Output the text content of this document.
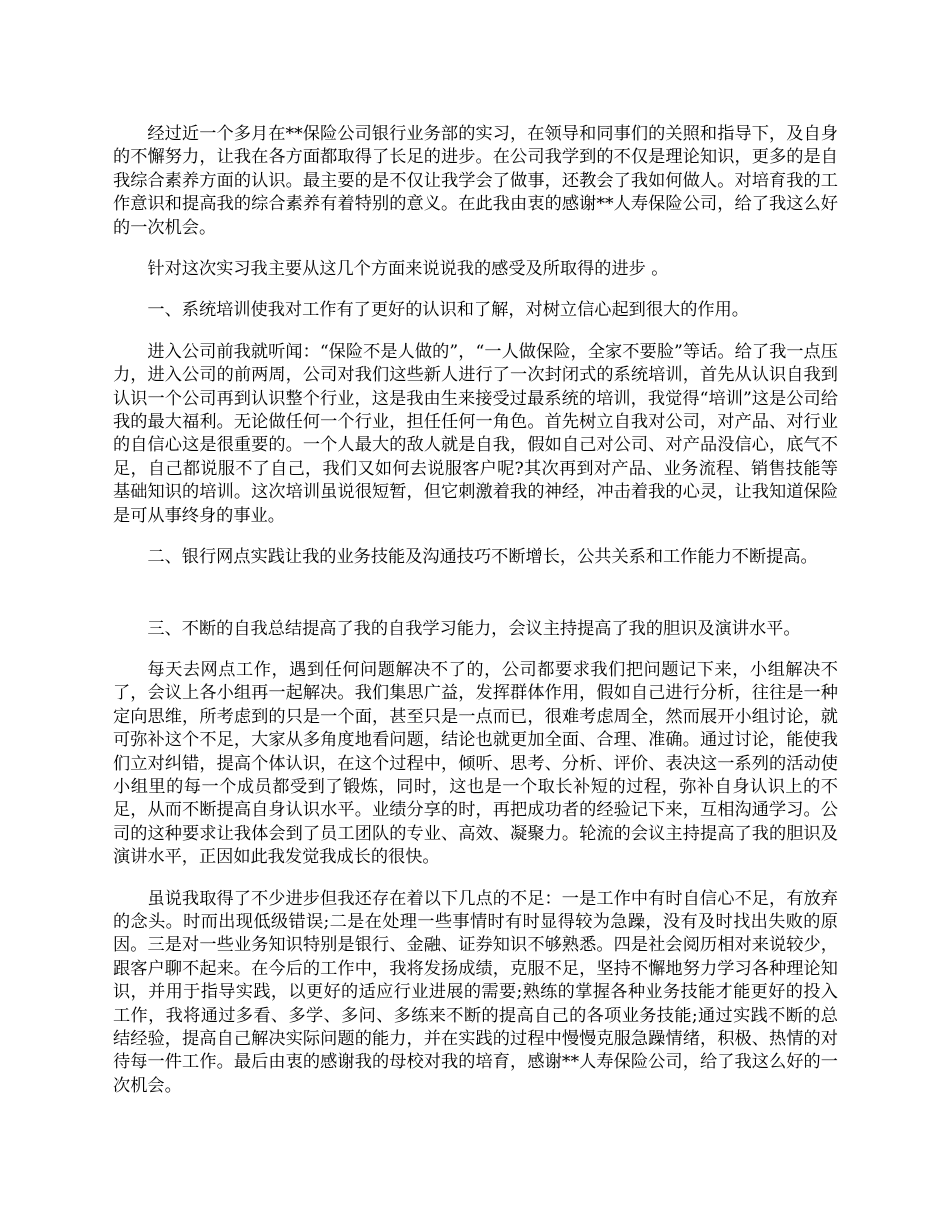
经过近一个多月在**保险公司银行业务部的实习，在领导和同事们的关照和指导下，及自身的不懈努力，让我在各方面都取得了长足的进步。在公司我学到的不仅是理论知识，更多的是自我综合素养方面的认识。最主要的是不仅让我学会了做事，还教会了我如何做人。对培育我的工作意识和提高我的综合素养有着特别的意义。在此我由衷的感谢**人寿保险公司，给了我这么好的一次机会。

针对这次实习我主要从这几个方面来说说我的感受及所取得的进步 。

一、系统培训使我对工作有了更好的认识和了解，对树立信心起到很大的作用。

进入公司前我就听闻：“保险不是人做的”，“一人做保险，全家不要脸”等话。给了我一点压力，进入公司的前两周，公司对我们这些新人进行了一次封闭式的系统培训，首先从认识自我到认识一个公司再到认识整个行业，这是我由生来接受过最系统的培训，我觉得“培训”这是公司给我的最大福利。无论做任何一个行业，担任任何一角色。首先树立自我对公司，对产品、对行业的自信心这是很重要的。一个人最大的敌人就是自我，假如自己对公司、对产品没信心，底气不足，自己都说服不了自己，我们又如何去说服客户呢?其次再到对产品、业务流程、销售技能等基础知识的培训。这次培训虽说很短暂，但它刺激着我的神经，冲击着我的心灵，让我知道保险是可从事终身的事业。

二、银行网点实践让我的业务技能及沟通技巧不断增长，公共关系和工作能力不断提高。

三、不断的自我总结提高了我的自我学习能力，会议主持提高了我的胆识及演讲水平。

每天去网点工作，遇到任何问题解决不了的，公司都要求我们把问题记下来，小组解决不了，会议上各小组再一起解决。我们集思广益，发挥群体作用，假如自己进行分析，往往是一种定向思维，所考虑到的只是一个面，甚至只是一点而已，很难考虑周全，然而展开小组讨论，就可弥补这个不足，大家从多角度地看问题，结论也就更加全面、合理、准确。通过讨论，能使我们立对纠错，提高个体认识，在这个过程中，倾听、思考、分析、评价、表决这一系列的活动使小组里的每一个成员都受到了锻炼，同时，这也是一个取长补短的过程，弥补自身认识上的不足，从而不断提高自身认识水平。业绩分享的时，再把成功者的经验记下来，互相沟通学习。公司的这种要求让我体会到了员工团队的专业、高效、凝聚力。轮流的会议主持提高了我的胆识及演讲水平，正因如此我发觉我成长的很快。

虽说我取得了不少进步但我还存在着以下几点的不足：一是工作中有时自信心不足，有放弃的念头。时而出现低级错误;二是在处理一些事情时有时显得较为急躁，没有及时找出失败的原因。三是对一些业务知识特别是银行、金融、证券知识不够熟悉。四是社会阅历相对来说较少，跟客户聊不起来。在今后的工作中，我将发扬成绩，克服不足，坚持不懈地努力学习各种理论知识，并用于指导实践，以更好的适应行业进展的需要;熟练的掌握各种业务技能才能更好的投入工作，我将通过多看、多学、多问、多练来不断的提高自己的各项业务技能;通过实践不断的总结经验，提高自己解决实际问题的能力，并在实践的过程中慢慢克服急躁情绪，积极、热情的对待每一件工作。最后由衷的感谢我的母校对我的培育，感谢**人寿保险公司，给了我这么好的一次机会。
